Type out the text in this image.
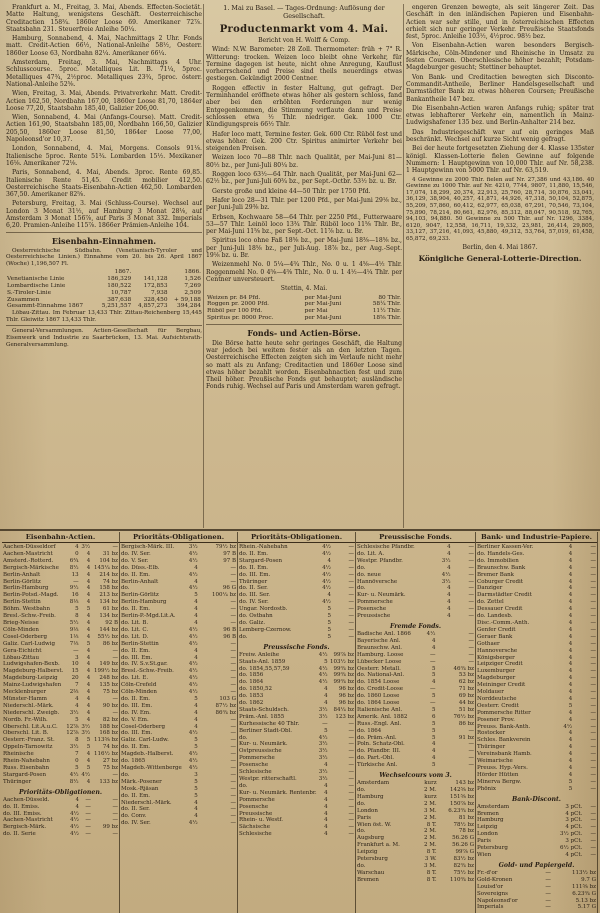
Frankfurt a. M., Freitag, 3. Mai, Abends. Effecten-Societät. Matte Haltung, wenigstens Geschäft. Oesterreichische Creditactien 158¾. 1860er Loose 69. Amerikaner 72⅞. Staatsbahn 231. Steuerfreie Anleihe 50¼.

Hamburg, Sonnabend, 4. Mai, Nachmittags 2 Uhr. Fonds matt. Credit-Actien 66½, National-Anleihe 58½, Oesterr. 1860er Loose 63, Nordbahn 82¼. Amerikaner 66¼.

Amsterdam, Freitag, 3. Mai, Nachmittags 4 Uhr. Schlusscourse. 5proc. Metalliques Lit. B. 71¼, 5proc. Metalliques 47¾, 2½proc. Metalliques 23¾, 5proc. österr. National-Anleihe 52⅝.

Wien, Freitag, 3. Mai, Abends. Privatverkehr. Matt. Credit-Actien 162,50, Nordbahn 167,00, 1860er Loose 81,70, 1864er Loose 77,20, Staatsbahn 185,40, Galizier 206,00.

Wien, Sonnabend, 4. Mai (Anfangs-Course). Matt. Credit-Actien 161,90, Staatsbahn 185,00, Nordbahn 166,50, Galizier 205,50, 1860er Loose 81,50, 1864er Loose 77,00, Napoleonsd'or 10,37.

London, Sonnabend, 4. Mai, Morgens. Consols 91⅛. Italienische 5proc. Rente 51¾. Lombarden 15½. Mexikaner 16⅛. Amerikaner 72⅛.

Paris, Sonnabend, 4. Mai, Abends. 3proc. Rente 69,85. Italienische Rente 51,45. Credit mobilier 412,50. Oesterreichische Staats-Eisenbahn-Actien 462,50. Lombarden 367,50. Amerikaner 82⅝.

Petersburg, Freitag, 3. Mai (Schluss-Course). Wechsel auf London 3 Monat 31½, auf Hamburg 3 Monat 28⅛, auf Amsterdam 3 Monat 156⅞, auf Paris 3 Monat 332. Imperials 6,20. Pramien-Anleihe 115⅞. 1866er Prämien-Anleihe 104.

Eisenbahn-Einnahmen.

Oesterreichische Südbahn. (Venetianisch-Tyroler und Oesterreichische Linien.) Einnahme vom 20. bis 26. April 1867 (Woche) 1,196,507 Fl.

	1867.		1866.
Venetianische Linie	186,329	141,128	1,526
Lombardische Linie	180,522	172,853	7,269
S.-Tiroler-Linie	10,787	7,938	2,509
Zusammen	387,638	328,450	+ 59,188
Gesammt-Einnahme 1867	5,251,557	4,857,273	394,284

Löbau-Zittau. Im Februar 13,433 Thlr. Zittau-Reichenberg 15,445 Thlr. Gleiwitz 1867 13,433 Thlr.

General-Versammlungen. Actien-Gesellschaft für Bergbau, Eisenwerk und Industrie zu Saarbrücken, 13. Mai. Aufsichtsrath-Generalversammlung.

1. Mai zu Basel. — Tages-Ordnung: Auflösung der Gesellschaft.
Productenmarkt vom 4. Mai.
Bericht von H. Wolff & Comp.

Wind: N.W. Barometer: 28 Zoll. Thermometer: früh + 7° R. Witterung: trocken. Weizen loco bleibt ohne Verkehr, für Termine dagegen ist heute, nicht ohne Anregung, Kauflust vorherrschend und Preise sind theils neuerdings etwas gestiegen. Gekündigt 2000 Centner.

Roggen effectiv in fester Haltung, gut gefragt. Der Terminhandel eröffnete etwas höher als gestern schloss, fand aber bei den erhöhten Forderungen nur wenig Entgegenkommen, die Stimmung verflaute dann und Preise schlossen etwa ½ Thlr. niedriger. Gek. 1000 Ctr. Kündigungspreis 66½ Thlr.

Hafer loco matt, Termine fester. Gek. 600 Ctr. Rüböl fest und etwas höher. Gek. 200 Ctr. Spiritus animirter Verkehr bei steigenden Preisen.

Weizen loco 70—88 Thlr. nach Qualität, per Mai-Juni 81—80½ bz., per Juni-Juli 80¼ bz.

Roggen loco 63½—64 Thlr. nach Qualität, per Mai-Juni 62—62½ bz., per Juni-Juli 60¾ bz., per Sept.-Octbr. 53½ bz. u. Br.

Gerste große und kleine 44—50 Thlr. per 1750 Pfd.

Hafer loco 28—31 Thlr. per 1200 Pfd., per Mai-Juni 29⅛ bz., per Juni-Juli 29⅜ bz.

Erbsen, Kochwaare 58—64 Thlr. per 2250 Pfd., Futterwaare 53—57 Thlr. Leinöl loco 13¾ Thlr. Rüböl loco 11⅝ Thlr. Br., per Mai-Juni 11⅝ bz., per Sept.-Oct. 11⅞ bz. u. Br.

Spiritus loco ohne Faß 18⅝ bz., per Mai-Juni 18⅜—18⅝ bz., per Juni-Juli 18⅝ bz., per Juli-Aug. 18⅞ bz., per Aug.-Sept. 19⅛ bz. u. Br.

Weizenmehl No. 0 5¼—4¾ Thlr., No. 0 u. 1 4⅝—4½ Thlr. Roggenmehl No. 0 4⅝—4⅜ Thlr., No. 0 u. 1 4½—4¼ Thlr. per Centner unversteuert.

Stettin, 4. Mai.
Weizen pr. 84 Pfd.	per Mai-Juni	80 Thlr.
Roggen pr. 2000 Pfd.	per Mai-Juni	58¼ Thlr.
Rüböl per 100 Pfd.	per Mai	11½ Thlr.
Spiritus pr. 8000 Proc.	per Mai-Juni	18⅝ Thlr.
Fonds- und Actien-Börse.

Die Börse hatte heute sehr geringes Geschäft, die Haltung war jedoch bei weitem fester als an den letzten Tagen. Oesterreichische Effecten zeigten sich im Verlaufe nicht mehr so matt als zu Anfang; Creditactien und 1860er Loose sind etwas höher bezahlt worden. Eisenbahnactien fest und zum Theil höher. Preußische Fonds gut behauptet; ausländische Fonds ruhig. Wechsel auf Paris und Amsterdam waren gefragt.

engeren Grenzen bewegte, als seit längerer Zeit. Das Geschäft in den inländischen Papieren und Eisenbahn-Actien war sehr stille, und in österreichischen Effecten erhielt sich nur geringer Verkehr. Preußische Staatsfonds fest, 5proc. Anleihe 103½, 4½proc. 98½ bez.

Von Eisenbahn-Actien waren besonders Bergisch-Märkische, Cöln-Mindener und Rheinische in Umsatz zu festen Coursen. Oberschlesische höher bezahlt; Potsdam-Magdeburger gesucht; Stettiner behauptet.

Von Bank- und Creditactien bewegten sich Disconto-Commandit-Antheile, Berliner Handelsgesellschaft und Darmstädter Bank zu etwas höheren Coursen; Preußische Bankantheile 147 bez.

Die Eisenbahn-Actien waren Anfangs ruhig; später trat etwas lebhafterer Verkehr ein, namentlich in Mainz-Ludwigshafener 135 bez. und Berlin-Anhalter 214 bez.

Das Industriegeschäft war auf ein geringes Maß beschränkt. Wechsel auf kurze Sicht wenig gefragt.

Bei der heute fortgesetzten Ziehung der 4. Klasse 135ster königl. Klassen-Lotterie fielen Gewinne auf folgende Nummern: 1 Hauptgewinn von 10,000 Thlr. auf Nr. 58,238. 1 Hauptgewinn von 5000 Thlr. auf Nr. 63,519.

4 Gewinne zu 2000 Thlr. fielen auf Nr. 27,386 und 43,186. 40 Gewinne zu 1000 Thlr. auf Nr. 4210, 7744, 9807, 11,880, 15,546, 17,074, 18,299, 20,374, 22,913, 25,760, 28,714, 30,876, 33,041, 36,129, 38,904, 40,257, 41,871, 44,926, 47,318, 50,104, 52,875, 55,209, 57,860, 60,412, 62,977, 65,038, 67,291, 70,546, 73,104, 75,890, 78,214, 80,661, 82,976, 85,312, 88,047, 90,518, 92,765, 94,103, 94,880. 50 Gewinne zu 500 Thlr. auf Nr. 1296, 3384, 6120, 9047, 12,558, 16,711, 19,332, 23,981, 26,414, 29,805, 33,127, 37,216, 41,093, 45,880, 49,312, 53,764, 57,019, 61,458, 65,872, 69,233.

Berlin, den 4. Mai 1867.
Königliche General-Lotterie-Direction.
Eisenbahn-Actien.
Aachen-Düsseldorf	4	3½	—
Aachen-Mastricht	0	4	31 bz
Amsterd.-Rotterd.	6¾	4	104 bz
Bergisch-Märkische	8½	4	145¼ bz
Berlin-Anhalt	13	4	214 bz
Berlin-Görlitz	—	4	74 bz
Berlin-Hamburg	9½	4	158 bz
Berlin-Potsd.-Magd.	16	4	213 bz
Berlin-Stettin	8⅓	4	134 bz
Böhm. Westbahn	5	5	61 bz
Bresl.-Schw.-Freib.	8	4	134 bz
Brieg-Neisse	5½	4	92 B
Cöln-Minden	9⅓	4	144 bz
Cosel-Oderberg	1⅓	4	55½ bz
Galiz. Carl-Ludwig	7⅓	5	86 bz
Gera-Eichicht	—	4	—
Löbau-Zittau	3	4	—
Ludwigshafen-Bexb.	10	4	149 bz
Magdeburg-Halberst.	15	4	199½ bz
Magdeburg-Leipzig	20	4	248 bz
Mainz-Ludwigshafen	7	4	135 bz
Mecklenburger	2⅔	4	75 bz
Münster-Hamm	4	4	—
Niederschl.-Märk.	4	4	90 bz
Niederschl. Zweigb.	3½	4	—
Nordb. Fr.-Wilh.	5	4	82 bz
Oberschl. Lit.A.u.C.	12⅞	3½	188 bz
Oberschl. Lit. B.	12⅞	3½	168 bz
Oesterr.-Franz. St.	8	5	113⅜ bz
Oppeln-Tarnowitz	3½	5	74 bz
Rheinische	7	4	116½ bz
Rhein-Nahebahn	0	4	27 bz
Russ. Eisenbahn	5	5	75 bz
Stargard-Posen	4½	4½	—
Thüringer	8½	4	133 bz
Prioritäts-Obligationen.
Aachen-Düsseld.	4	—	—
do. II. Emiss.	4	—	—
do. III. Emiss.	4½	—	—
Aachen-Mastricht	4½	—	—
Bergisch-Märk.	4½	—	99 bz
do. II. Serie	4½	—	—
Prioritäts-Obligationen.
Bergisch-Märk. III.	3½	79½ bz
do. IV. Ser.	4½	97 B
do. V. Ser.	4½	97 B
do. Düss.-Elb.	4	—
do. II. Em.	4½	—
Berlin-Anhalt	4	—
do.	4½	96 G
Berlin-Görlitz	5	100¼ bz
Berlin-Hamburg	4	—
do. II. Em.	4	—
Berlin-P.-Mgd.Lit.A.	4	—
do. Lit. B.	4	—
do. Lit. C.	4½	96 B
do. Lit. D.	4½	96 B
Berlin-Stettin	4½	—
do. II. Em.	4	—
do. III. Em.	4	—
do. IV. S.v.St.gar.	4½	—
Bresl.-Schw.-Freib.	4½	—
do. Lit. E.	4½	—
Cöln-Crefeld	4½	—
Cöln-Minden	4½	—
do. II. Em.	5	103 G
do. III. Em.	4	87½ bz
do. IV. Em.	4	86¾ bz
do. V. Em.	4	—
Cosel-Oderberg	4	—
do. III. Em.	4½	—
Galiz. Carl-Ludw.	5	—
do. II. Em.	5	—
Magdeb.-Halberst.	4½	—
do. 1865	4½	—
Magdeb.-Wittenberge	4½	—
do.	3	—
Märk.-Posener	5	—
Mosk.-Rjäsan	5	—
do. II. Em.	5	—
Niederschl.-Märk.	4	—
do. II. Ser.	4	—
do. Conv.	4	—
do. IV. Ser.	4½	—
Prioritäts-Obligationen.
Rhein.-Nahebahn	4½	—
do. II. Em.	4½	—
Stargard-Posen	4	—
do. II. Em.	4½	—
do. III. Em.	4½	—
Thüringer	4½	—
do. II. Ser.	4½	—
do. III. Ser.	4	—
do. IV. Ser.	4½	—
Ungar. Nordostb.	5	—
do. Ostbahn	5	—
do. Galiz.	5	—
Lemberg-Czernow.	5	—
do.	5	—
Preussische Fonds.
Freiw. Anleihe	4½	99⅞ bz
Staats-Anl. 1859	5	103½ bz
do. 1854,55,57,59	4½	99¾ bz
do. 1856	4½	99¾ bz
do. 1864	4½	99¾ bz
do. 1850,52	4	96 bz
do. 1853	4	96 bz
do. 1862	4	96 bz
Staats-Schuldsch.	3½	84¼ bz
Präm.-Anl. 1855	3½	123 bz
Kurhessische 40 Thlr.	—	—
Berliner Stadt-Obl.	5	—
do.	4½	—
Kur- u. Neumärk.	3½	—
Ostpreussische	3½	—
Pommersche	3½	—
Posensche	4	—
Schlesische	3½	—
Westpr. ritterschaftl.	3½	—
do.	4	—
Kur- u. Neumärk. Rentenbr.	4	—
Pommersche	4	—
Posensche	4	—
Preussische	4	—
Rhein- u. Westf.	4	—
Sächsische	4	—
Schlesische	4	—
Preussische Fonds.
Schlesische Pfandbr.	4	—
do. Lit. A.	4	—
Westpr. Pfandbr.	3½	—
do.	4	—
do. neue	4½	—
Hannöversche	3½	—
do.	4	—
Kur- u. Neumärk.	4	—
Pommersche	4	—
Posensche	4	—
Preussische	4	—
Fremde Fonds.
Badische Anl. 1866	4½	—
Bayerische Anl.	4	—
Braunschw. Anl.	4	—
Hamburg. Loose	—	—
Lübecker Loose	—	—
Oesterr. Metall.	5	46¾ bz
do. National-Anl.	5	53 bz
do. 1854 Loose	4	62 bz
do. Credit-Loose	—	71 bz
do. 1860 Loose	5	69 bz
do. 1864 Loose	—	44 bz
Italienische Anl.	5	51 bz
Amerik. Anl. 1882	6	76½ bz
Russ.-Engl. Anl.	5	86 bz
do. 1864	5	—
do. Präm.-Anl.	5	91 bz
Poln. Schatz-Obl.	4	—
do. Pfandbr. III.	4	—
do. Part.-Obl.	4	—
Türkische Anl.	5	—
Wechselcours vom 3.
Amsterdam	kurz	143 bz
do.	2 M.	142⅜ bz
Hamburg	kurz	151⅜ bz
do.	2 M.	150⅞ bz
London	3 M.	6.23¾ bz
Paris	2 M.	81 bz
Wien öst. W.	8 T.	78½ bz
do.	2 M.	78 bz
Augsburg	2 M.	56.26 G
Frankfurt a. M.	2 M.	56.26 G
Leipzig	8 T.	99⅞ G
Petersburg	3 W.	83½ bz
do.	3 M.	82¾ bz
Warschau	8 T.	75½ bz
Bremen	8 T.	110¾ bz
Bank- und Industrie-Papiere.
Berliner Kassen-Ver.	4	—
do. Handels-Ges.	4	—
do. Immobilien	4	—
Braunschw. Bank	4	—
Bremer Bank	4	—
Coburger Credit	4	—
Danziger	4	—
Darmstädter Credit	4	—
do. Zettel	4	—
Dessauer Credit	4	—
do. Landesb.	4	—
Disc.-Comm.-Anth.	4	—
Genfer Credit	4	—
Geraer Bank	4	—
Gothaer	4	—
Hannoversche	4	—
Königsberger	4	—
Leipziger Credit	4	—
Luxemburger	4	—
Magdeburger	4	—
Meininger Credit	4	—
Moldauer	4	—
Norddeutsche	4	—
Oesterr. Credit	5	—
Pommersche Ritter	4	—
Posener Prov.	4	—
Preuss. Bank-Anth.	4½	—
Rostocker	4	—
Schles. Bankverein	4	—
Thüringer	4	—
Vereinsbank Hamb.	4	—
Weimarische	4	—
Preuss. Hyp.-Vers.	4	—
Hörder Hütten	4	—
Minerva Bergw.	5	—
Phönix	5	—
Bank-Discont.
Amsterdam	3 pCt.	—
Bremen	4 pCt.	—
Hamburg	3 pCt.	—
Leipzig	4 pCt.	—
London	3½ pCt.	—
Paris	3 pCt.	—
Petersburg	6½ pCt.	—
Wien	4 pCt.	—
Gold- und Papiergeld.
Fr.-d'or	—	113½ bz
Gold-Kronen	—	9.7 G
Louisd'or	—	111⅜ bz
Sovereigns	—	6.23¾ G
Napoleonsd'or	—	5.13 bz
Imperials	—	5.17 G
